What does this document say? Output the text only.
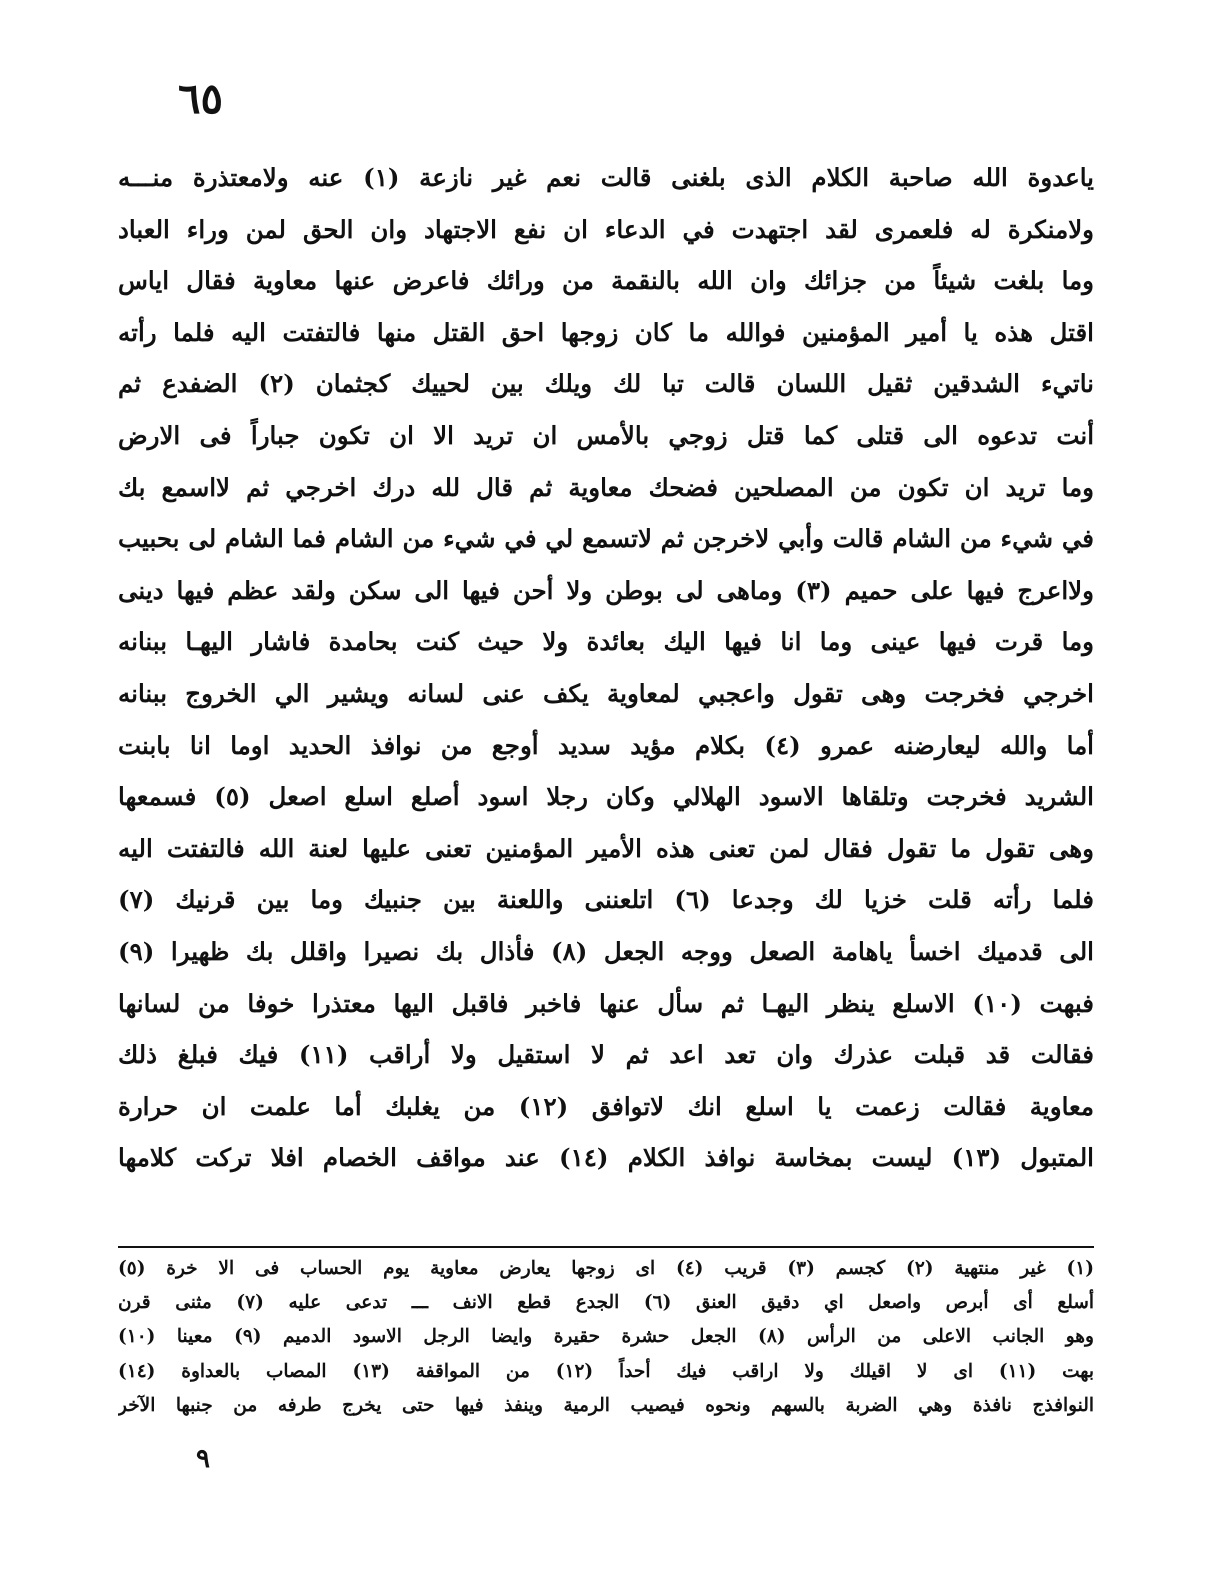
٦٥
ياعدوة الله صاحبة الكلام الذى بلغنى قالت نعم غير نازعة (١) عنه ولامعتذرة منـــه
ولامنكرة له فلعمرى لقد اجتهدت في الدعاء ان نفع الاجتهاد وان الحق لمن وراء العباد
وما بلغت شيئاً من جزائك وان الله بالنقمة من ورائك فاعرض عنها معاوية فقال اياس
اقتل هذه يا أمير المؤمنين فوالله ما كان زوجها احق القتل منها فالتفتت اليه فلما رأته
ناتيء الشدقين ثقيل اللسان قالت تبا لك ويلك بين لحييك كجثمان (٢) الضفدع ثم
أنت تدعوه الى قتلى كما قتل زوجي بالأمس ان تريد الا ان تكون جباراً فى الارض
وما تريد ان تكون من المصلحين فضحك معاوية ثم قال لله درك اخرجي ثم لااسمع بك
في شيء من الشام قالت وأبي لاخرجن ثم لاتسمع لي في شيء من الشام فما الشام لى بحبيب
ولااعرج فيها على حميم (٣) وماهى لى بوطن ولا أحن فيها الى سكن ولقد عظم فيها دينى
وما قرت فيها عينى وما انا فيها اليك بعائدة ولا حيث كنت بحامدة فاشار اليهـا ببنانه
اخرجي فخرجت وهى تقول واعجبي لمعاوية يكف عنى لسانه ويشير الي الخروج ببنانه
أما والله ليعارضنه عمرو (٤) بكلام مؤيد سديد أوجع من نوافذ الحديد اوما انا بابنت
الشريد فخرجت وتلقاها الاسود الهلالي وكان رجلا اسود أصلع اسلع اصعل (٥) فسمعها
وهى تقول ما تقول فقال لمن تعنى هذه الأمير المؤمنين تعنى عليها لعنة الله فالتفتت اليه
فلما رأته قلت خزيا لك وجدعا (٦) اتلعننى واللعنة بين جنبيك وما بين قرنيك (٧)
الى قدميك اخسأ ياهامة الصعل ووجه الجعل (٨) فأذال بك نصيرا واقلل بك ظهيرا (٩)
فبهت (١٠) الاسلع ينظر اليهـا ثم سأل عنها فاخبر فاقبل اليها معتذرا خوفا من لسانها
فقالت قد قبلت عذرك وان تعد اعد ثم لا استقيل ولا أراقب (١١) فيك فبلغ ذلك
معاوية فقالت زعمت يا اسلع انك لاتوافق (١٢) من يغلبك أما علمت ان حرارة
المتبول (١٣) ليست بمخاسة نوافذ الكلام (١٤) عند مواقف الخصام افلا تركت كلامها
(١) غير منتهية (٢) كجسم (٣) قريب (٤) اى زوجها يعارض معاوية يوم الحساب فى الا خرة (٥)
أسلع أى أبرص واصعل اي دقيق العنق (٦) الجدع قطع الانف ـــ تدعى عليه (٧) مثنى قرن
وهو الجانب الاعلى من الرأس (٨) الجعل حشرة حقيرة وايضا الرجل الاسود الدميم (٩) معينا (١٠)
بهت (١١) اى لا اقيلك ولا اراقب فيك أحداً (١٢) من المواقفة (١٣) المصاب بالعداوة (١٤)
النوافذج نافذة وهي الضربة بالسهم ونحوه فيصيب الرمية وينفذ فيها حتى يخرج طرفه من جنبها الآخر
٩
